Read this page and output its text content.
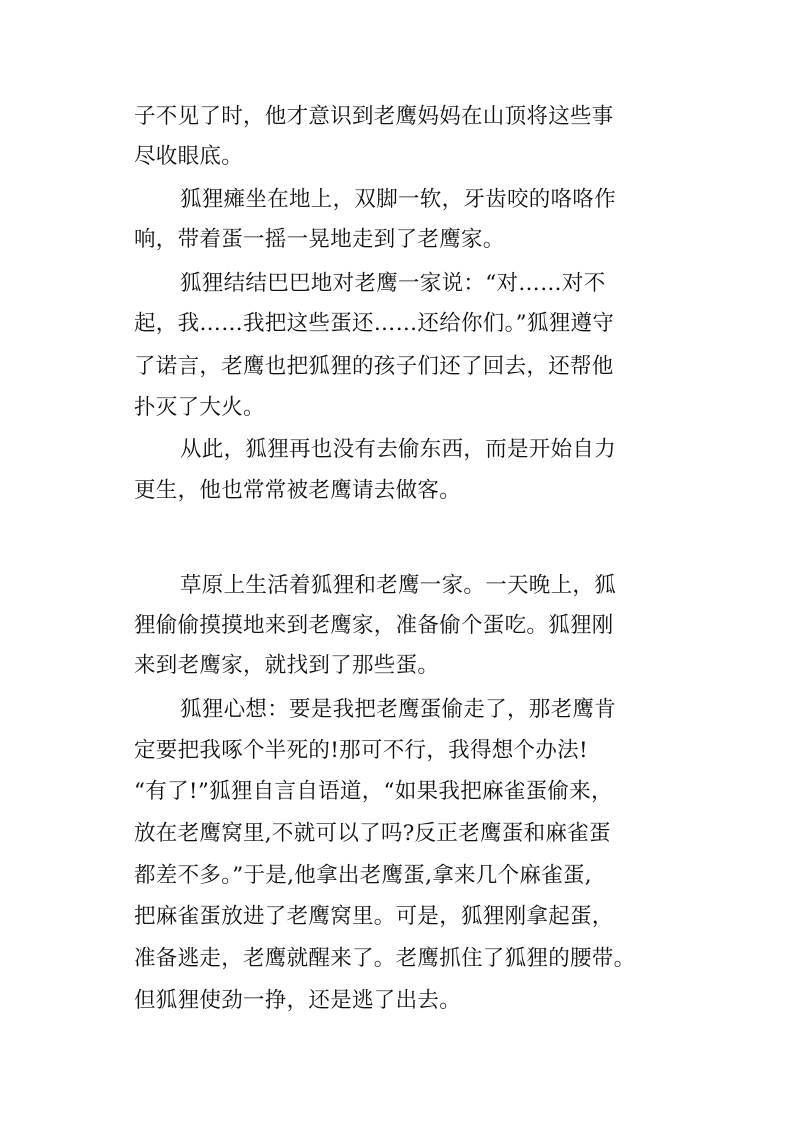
子不见了时，他才意识到老鹰妈妈在山顶将这些事
尽收眼底。
狐狸瘫坐在地上，双脚一软，牙齿咬的咯咯作
响，带着蛋一摇一晃地走到了老鹰家。
狐狸结结巴巴地对老鹰一家说：“对……对不
起，我……我把这些蛋还……还给你们。”狐狸遵守
了诺言，老鹰也把狐狸的孩子们还了回去，还帮他
扑灭了大火。
从此，狐狸再也没有去偷东西，而是开始自力
更生，他也常常被老鹰请去做客。
草原上生活着狐狸和老鹰一家。一天晚上，狐
狸偷偷摸摸地来到老鹰家，准备偷个蛋吃。狐狸刚
来到老鹰家，就找到了那些蛋。
狐狸心想：要是我把老鹰蛋偷走了，那老鹰肯
定要把我啄个半死的!那可不行，我得想个办法!
“有了!”狐狸自言自语道，“如果我把麻雀蛋偷来，
放在老鹰窝里,不就可以了吗?反正老鹰蛋和麻雀蛋
都差不多。”于是,他拿出老鹰蛋,拿来几个麻雀蛋,
把麻雀蛋放进了老鹰窝里。可是，狐狸刚拿起蛋，
准备逃走，老鹰就醒来了。老鹰抓住了狐狸的腰带。
但狐狸使劲一挣，还是逃了出去。
